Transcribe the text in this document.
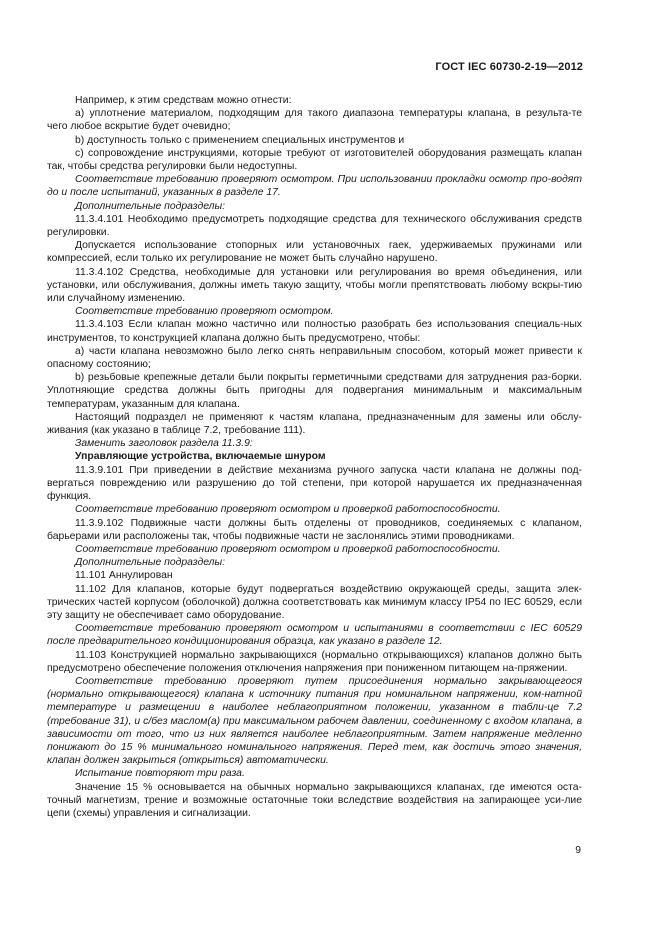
ГОСТ IEC 60730-2-19—2012

Например, к этим средствам можно отнести:

а) уплотнение материалом, подходящим для такого диапазона температуры клапана, в результа-те чего любое вскрытие будет очевидно;

b) доступность только с применением специальных инструментов и

с) сопровождение инструкциями, которые требуют от изготовителей оборудования размещать клапан так, чтобы средства регулировки были недоступны.

Соответствие требованию проверяют осмотром. При использовании прокладки осмотр про-водят до и после испытаний, указанных в разделе 17.

Дополнительные подразделы:

11.3.4.101 Необходимо предусмотреть подходящие средства для технического обслуживания средств регулировки.

Допускается использование стопорных или установочных гаек, удерживаемых пружинами или компрессией, если только их регулирование не может быть случайно нарушено.

11.3.4.102 Средства, необходимые для установки или регулирования во время объединения, или установки, или обслуживания, должны иметь такую защиту, чтобы могли препятствовать любому вскры-тию или случайному изменению.

Соответствие требованию проверяют осмотром.

11.3.4.103 Если клапан можно частично или полностью разобрать без использования специаль-ных инструментов, то конструкцией клапана должно быть предусмотрено, чтобы:

а) части клапана невозможно было легко снять неправильным способом, который может привести к опасному состоянию;

b) резьбовые крепежные детали были покрыты герметичными средствами для затруднения раз-борки. Уплотняющие средства должны быть пригодны для подвергания минимальным и максимальным температурам, указанным для клапана.

Настоящий подраздел не применяют к частям клапана, предназначенным для замены или обслу-живания (как указано в таблице 7.2, требование 111).

Заменить заголовок раздела 11.3.9:

Управляющие устройства, включаемые шнуром

11.3.9.101 При приведении в действие механизма ручного запуска части клапана не должны под-вергаться повреждению или разрушению до той степени, при которой нарушается их предназначенная функция.

Соответствие требованию проверяют осмотром и проверкой работоспособности.

11.3.9.102 Подвижные части должны быть отделены от проводников, соединяемых с клапаном, барьерами или расположены так, чтобы подвижные части не заслонялись этими проводниками.

Соответствие требованию проверяют осмотром и проверкой работоспособности.

Дополнительные подразделы:

11.101 Аннулирован

11.102 Для клапанов, которые будут подвергаться воздействию окружающей среды, защита элек-трических частей корпусом (оболочкой) должна соответствовать как минимум классу IP54 по IEC 60529, если эту защиту не обеспечивает само оборудование.

Соответствие требованию проверяют осмотром и испытаниями в соответствии с IEC 60529 после предварительного кондиционирования образца, как указано в разделе 12.

11.103 Конструкцией нормально закрывающихся (нормально открывающихся) клапанов должно быть предусмотрено обеспечение положения отключения напряжения при пониженном питающем на-пряжении.

Соответствие требованию проверяют путем присоединения нормально закрывающегося (нормально открывающегося) клапана к источнику питания при номинальном напряжении, ком-натной температуре и размещении в наиболее неблагоприятном положении, указанном в табли-це 7.2 (требование 31), и с/без маслом(а) при максимальном рабочем давлении, соединенному с входом клапана, в зависимости от того, что из них является наиболее неблагоприятным. Затем напряжение медленно понижают до 15 % минимального номинального напряжения. Перед тем, как достичь этого значения, клапан должен закрыться (открыться) автоматически.

Испытание повторяют три раза.

Значение 15 % основывается на обычных нормально закрывающихся клапанах, где имеются оста-точный магнетизм, трение и возможные остаточные токи вследствие воздействия на запирающее уси-лие цепи (схемы) управления и сигнализации.

9
